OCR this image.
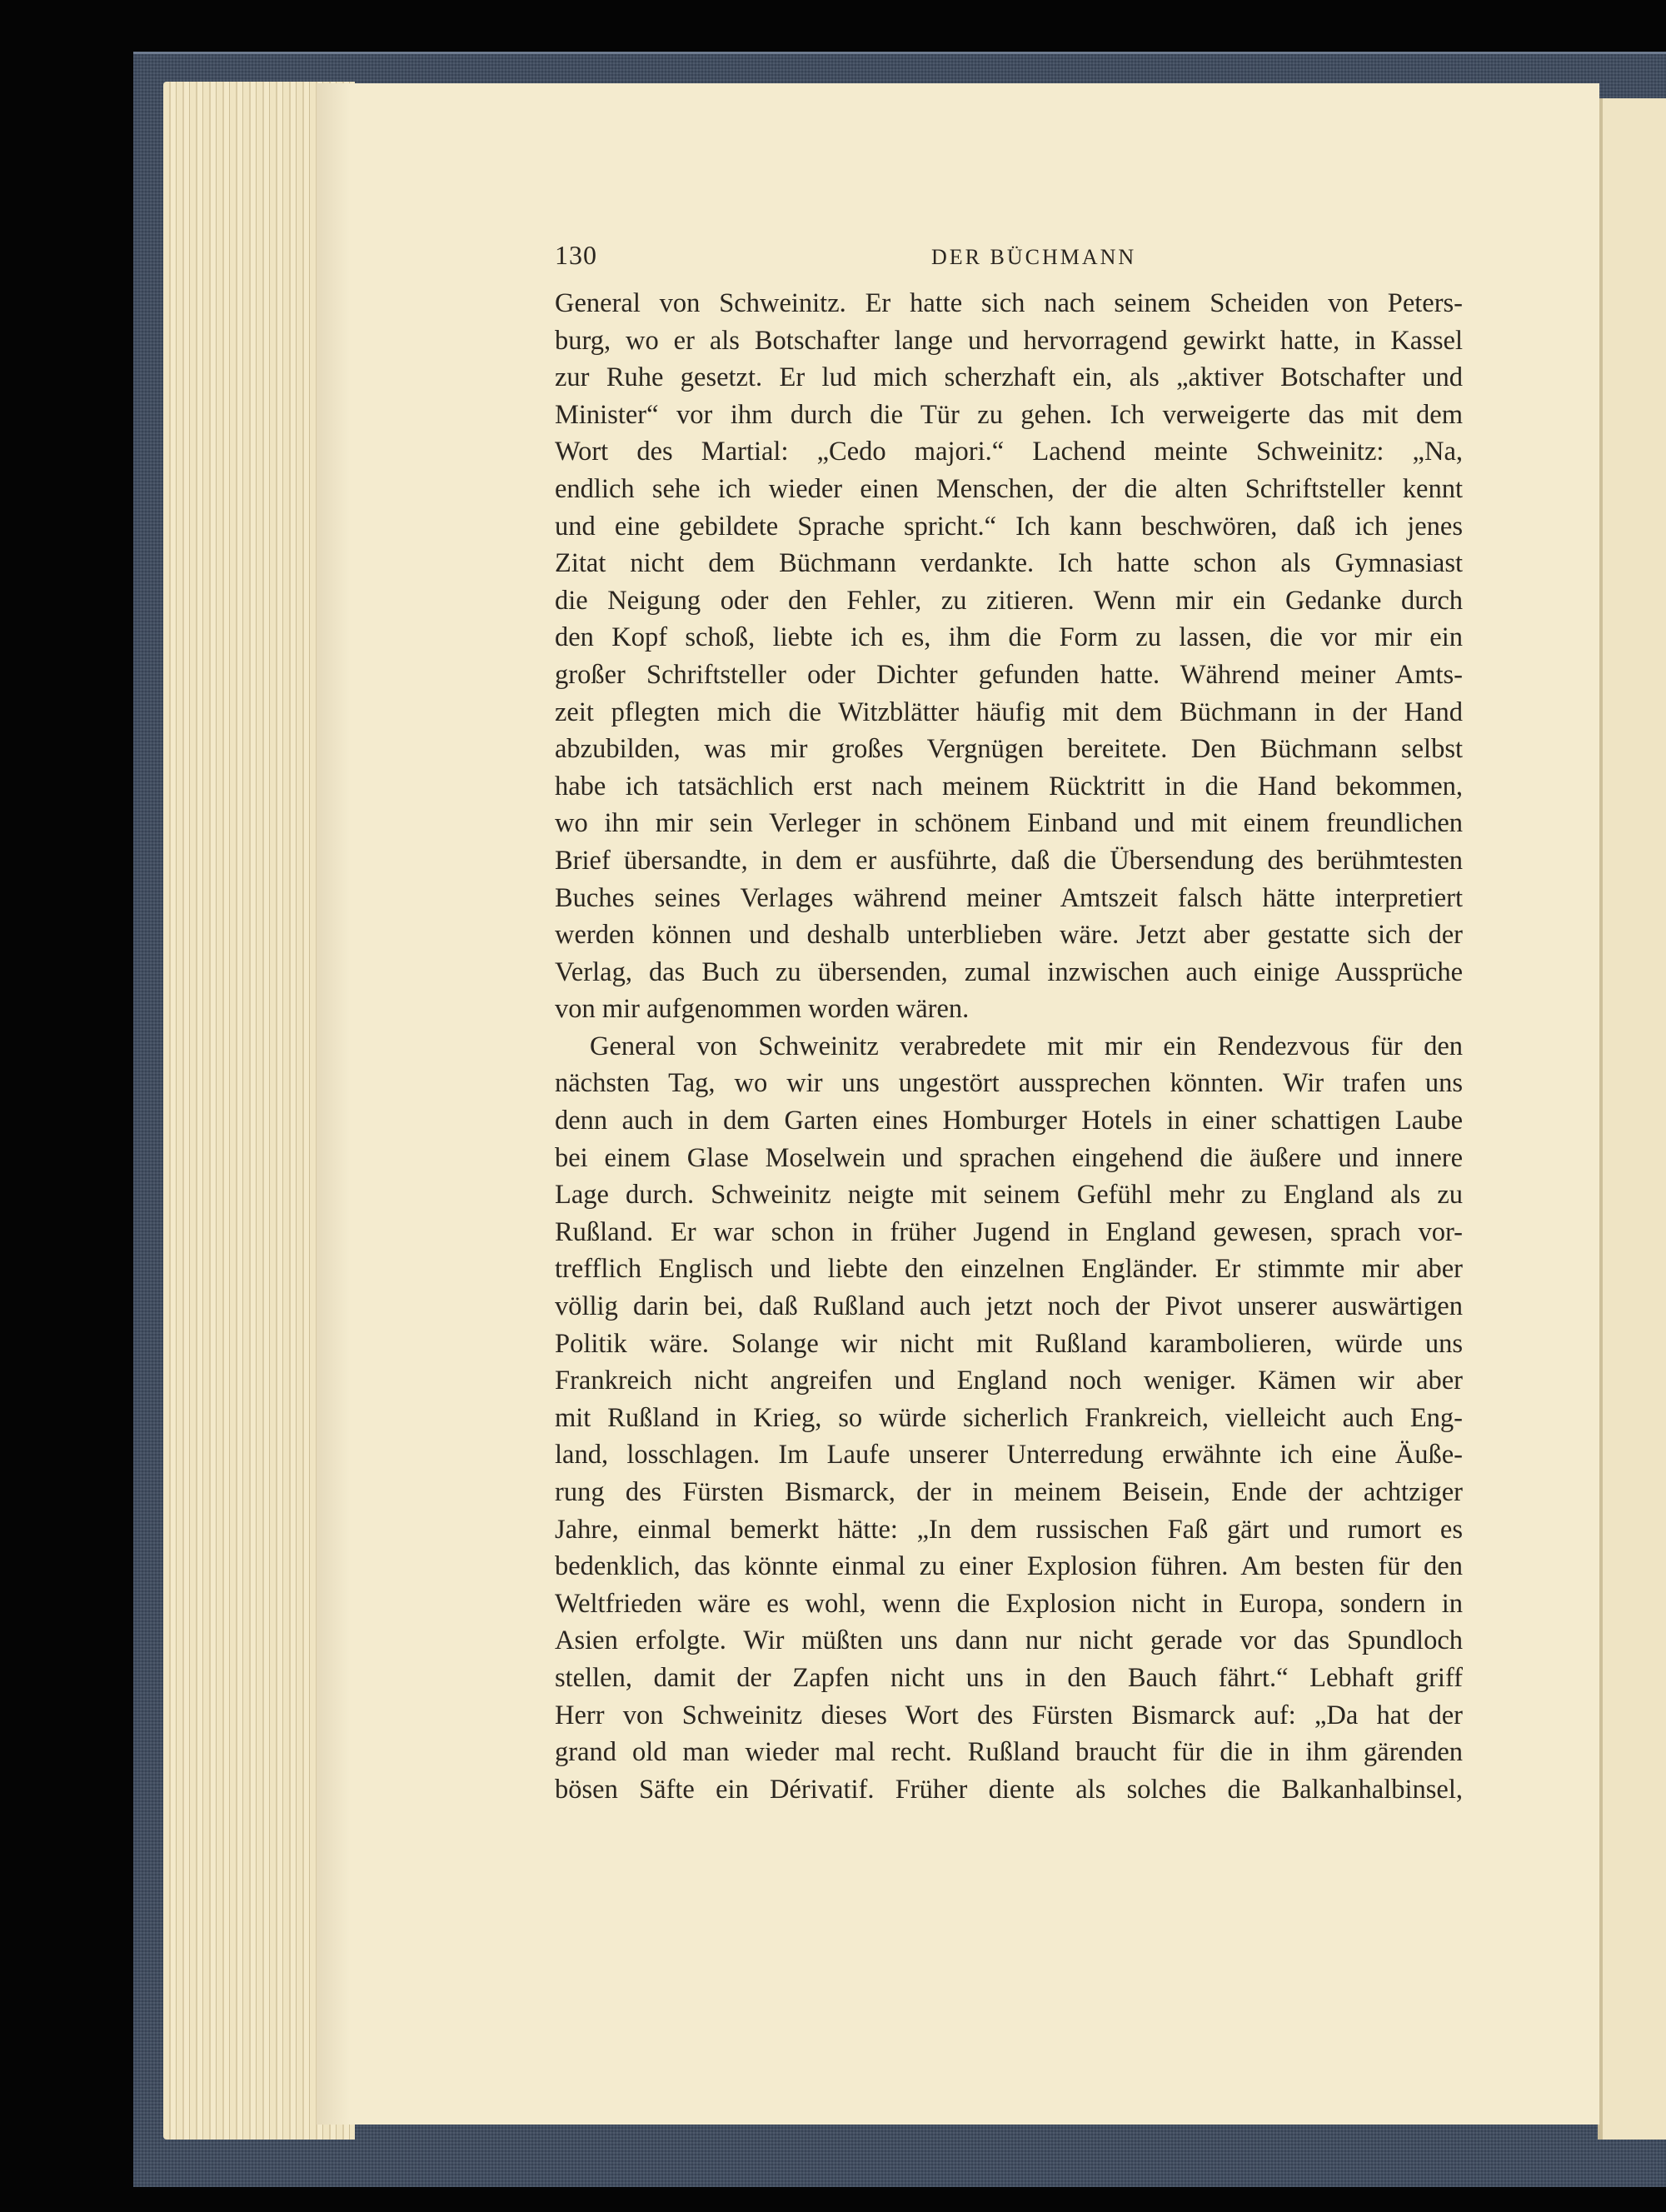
130	DER BÜCHMANN
General von Schweinitz. Er hatte sich nach seinem Scheiden von Peters-
burg, wo er als Botschafter lange und hervorragend gewirkt hatte, in Kassel
zur Ruhe gesetzt. Er lud mich scherzhaft ein, als „aktiver Botschafter und
Minister“ vor ihm durch die Tür zu gehen. Ich verweigerte das mit dem
Wort des Martial: „Cedo majori.“ Lachend meinte Schweinitz: „Na,
endlich sehe ich wieder einen Menschen, der die alten Schriftsteller kennt
und eine gebildete Sprache spricht.“ Ich kann beschwören, daß ich jenes
Zitat nicht dem Büchmann verdankte. Ich hatte schon als Gymnasiast
die Neigung oder den Fehler, zu zitieren. Wenn mir ein Gedanke durch
den Kopf schoß, liebte ich es, ihm die Form zu lassen, die vor mir ein
großer Schriftsteller oder Dichter gefunden hatte. Während meiner Amts-
zeit pflegten mich die Witzblätter häufig mit dem Büchmann in der Hand
abzubilden, was mir großes Vergnügen bereitete. Den Büchmann selbst
habe ich tatsächlich erst nach meinem Rücktritt in die Hand bekommen,
wo ihn mir sein Verleger in schönem Einband und mit einem freundlichen
Brief übersandte, in dem er ausführte, daß die Übersendung des berühmtesten
Buches seines Verlages während meiner Amtszeit falsch hätte interpretiert
werden können und deshalb unterblieben wäre. Jetzt aber gestatte sich der
Verlag, das Buch zu übersenden, zumal inzwischen auch einige Aussprüche
von mir aufgenommen worden wären.
General von Schweinitz verabredete mit mir ein Rendezvous für den
nächsten Tag, wo wir uns ungestört aussprechen könnten. Wir trafen uns
denn auch in dem Garten eines Homburger Hotels in einer schattigen Laube
bei einem Glase Moselwein und sprachen eingehend die äußere und innere
Lage durch. Schweinitz neigte mit seinem Gefühl mehr zu England als zu
Rußland. Er war schon in früher Jugend in England gewesen, sprach vor-
trefflich Englisch und liebte den einzelnen Engländer. Er stimmte mir aber
völlig darin bei, daß Rußland auch jetzt noch der Pivot unserer auswärtigen
Politik wäre. Solange wir nicht mit Rußland karambolieren, würde uns
Frankreich nicht angreifen und England noch weniger. Kämen wir aber
mit Rußland in Krieg, so würde sicherlich Frankreich, vielleicht auch Eng-
land, losschlagen. Im Laufe unserer Unterredung erwähnte ich eine Äuße-
rung des Fürsten Bismarck, der in meinem Beisein, Ende der achtziger
Jahre, einmal bemerkt hätte: „In dem russischen Faß gärt und rumort es
bedenklich, das könnte einmal zu einer Explosion führen. Am besten für den
Weltfrieden wäre es wohl, wenn die Explosion nicht in Europa, sondern in
Asien erfolgte. Wir müßten uns dann nur nicht gerade vor das Spundloch
stellen, damit der Zapfen nicht uns in den Bauch fährt.“ Lebhaft griff
Herr von Schweinitz dieses Wort des Fürsten Bismarck auf: „Da hat der
grand old man wieder mal recht. Rußland braucht für die in ihm gärenden
bösen Säfte ein Dérivatif. Früher diente als solches die Balkanhalbinsel,
